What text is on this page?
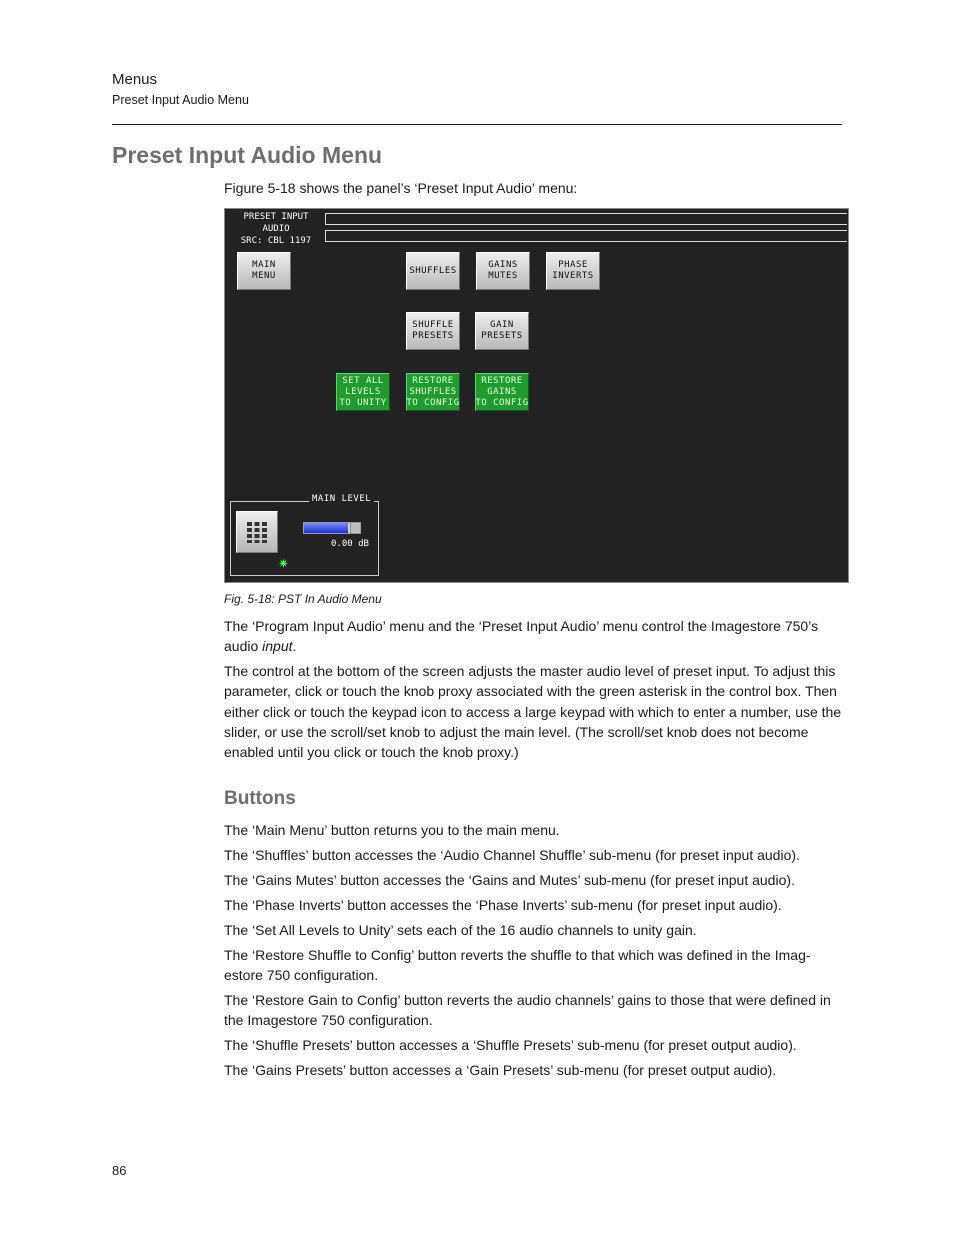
Menus
Preset Input Audio Menu
Preset Input Audio Menu
Figure 5-18 shows the panel’s ‘Preset Input Audio’ menu:
PRESET INPUT
AUDIO
SRC: CBL 1197
MAIN
MENU
SHUFFLES
GAINS
MUTES
PHASE
INVERTS
SHUFFLE
PRESETS
GAIN
PRESETS
SET ALL
LEVELS
TO UNITY
RESTORE
SHUFFLES
TO CONFIG
RESTORE
GAINS
TO CONFIG
MAIN LEVEL
0.00 dB
✷
Fig. 5-18: PST In Audio Menu

The ‘Program Input Audio’ menu and the ‘Preset Input Audio’ menu control the Imagestore 750’s audio input.

The control at the bottom of the screen adjusts the master audio level of preset input. To adjust this parameter, click or touch the knob proxy associated with the green asterisk in the control box. Then either click or touch the keypad icon to access a large keypad with which to enter a number, use the slider, or use the scroll/set knob to adjust the main level. (The scroll/set knob does not become enabled until you click or touch the knob proxy.)

Buttons

The ‘Main Menu’ button returns you to the main menu.

The ‘Shuffles’ button accesses the ‘Audio Channel Shuffle’ sub-menu (for preset input audio).

The ‘Gains Mutes’ button accesses the ‘Gains and Mutes’ sub-menu (for preset input audio).

The ‘Phase Inverts’ button accesses the ‘Phase Inverts’ sub-menu (for preset input audio).

The ‘Set All Levels to Unity’ sets each of the 16 audio channels to unity gain.

The ‘Restore Shuffle to Config’ button reverts the shuffle to that which was defined in the Imag-estore 750 configuration.

The ‘Restore Gain to Config’ button reverts the audio channels’ gains to those that were defined in the Imagestore 750 configuration.

The ‘Shuffle Presets’ button accesses a ‘Shuffle Presets’ sub-menu (for preset output audio).

The ‘Gains Presets’ button accesses a ‘Gain Presets’ sub-menu (for preset output audio).

86
